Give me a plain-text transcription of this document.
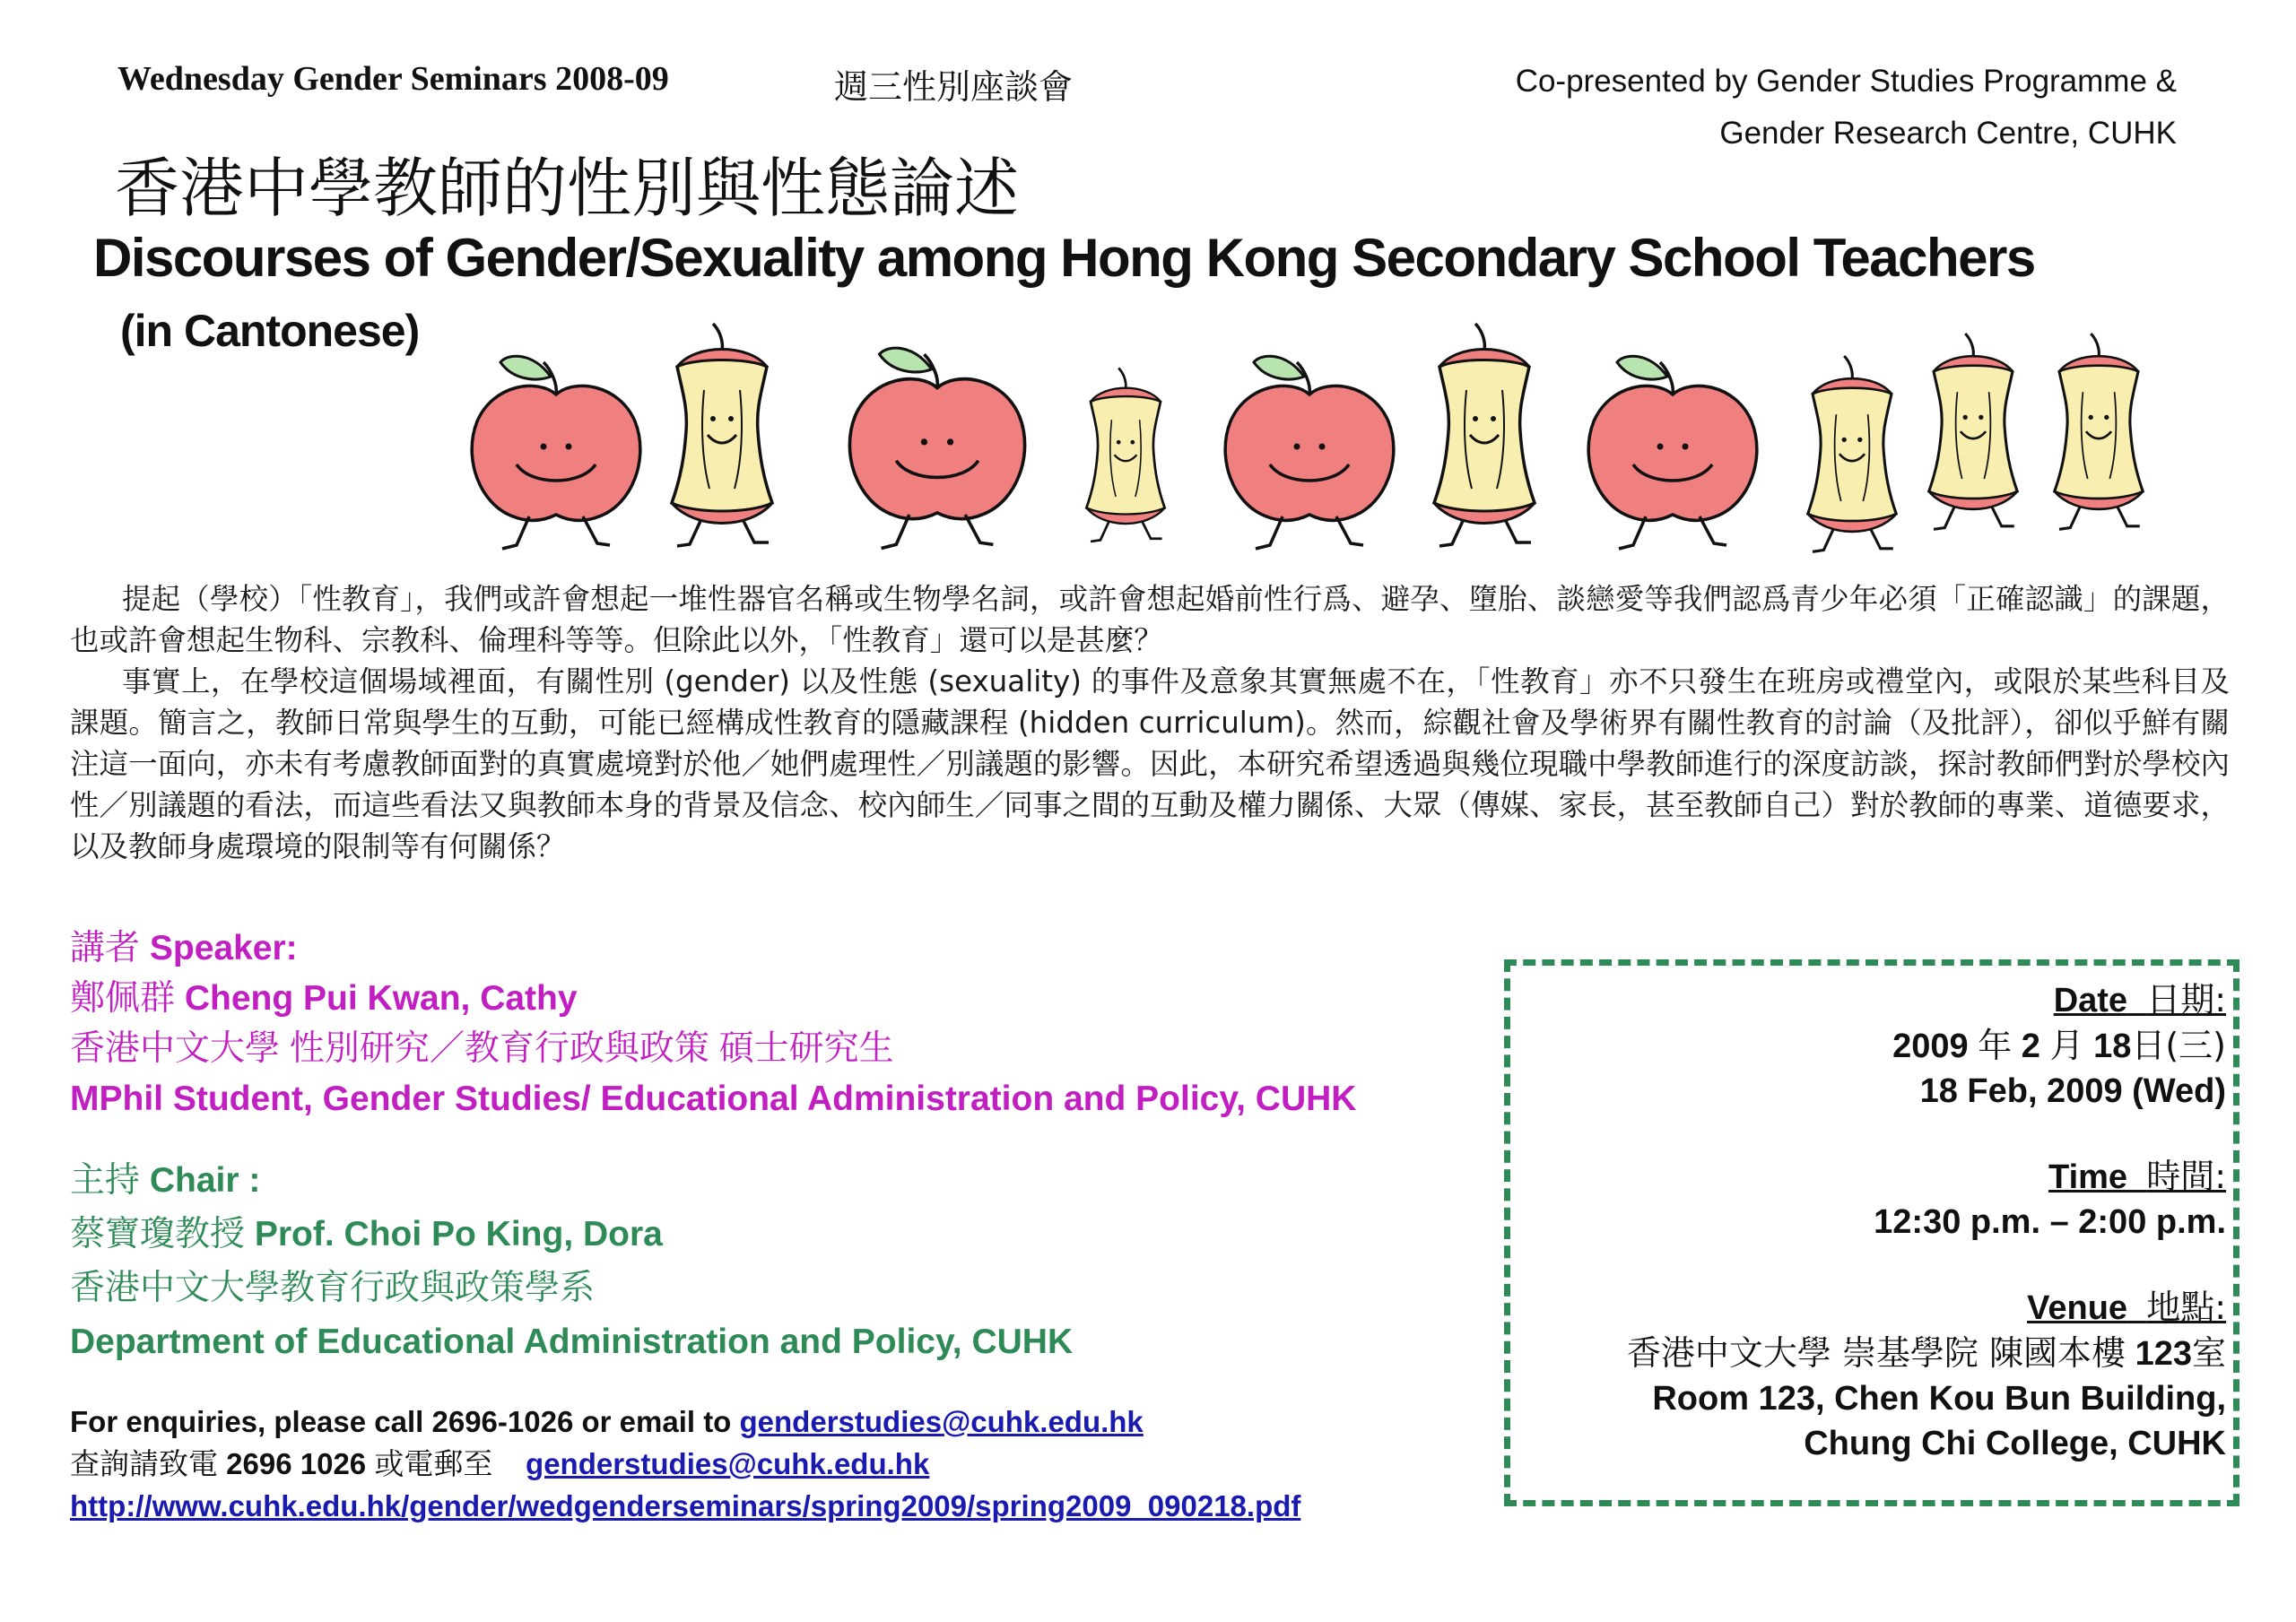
Wednesday Gender Seminars 2008-09	週三性別座談會	Co-presented by Gender Studies Programme &
Gender Research Centre, CUHK
香港中學教師的性別與性態論述
Discourses of Gender/Sexuality among Hong Kong Secondary School Teachers
(in Cantonese)

提起（學校）「性教育」，我們或許會想起一堆性器官名稱或生物學名詞，或許會想起婚前性行爲、避孕、墮胎、談戀愛等我們認爲青少年必須「正確認識」的課題，也或許會想起生物科、宗教科、倫理科等等。但除此以外，「性教育」還可以是甚麼？

事實上，在學校這個場域裡面，有關性別 (gender) 以及性態 (sexuality) 的事件及意象其實無處不在，「性教育」亦不只發生在班房或禮堂內，或限於某些科目及課題。簡言之，教師日常與學生的互動，可能已經構成性教育的隱藏課程 (hidden curriculum)。然而，綜觀社會及學術界有關性教育的討論（及批評），卻似乎鮮有關注這一面向，亦未有考慮教師面對的真實處境對於他／她們處理性／別議題的影響。因此，本研究希望透過與幾位現職中學教師進行的深度訪談，探討教師們對於學校內性／別議題的看法，而這些看法又與教師本身的背景及信念、校內師生／同事之間的互動及權力關係、大眾（傳媒、家長，甚至教師自己）對於教師的專業、道德要求，以及教師身處環境的限制等有何關係？

講者 Speaker:
鄭佩群 Cheng Pui Kwan, Cathy
香港中文大學 性別研究／教育行政與政策 碩士研究生
MPhil Student, Gender Studies/ Educational Administration and Policy, CUHK
主持 Chair :
蔡寶瓊教授 Prof. Choi Po King, Dora
香港中文大學教育行政與政策學系
Department of Educational Administration and Policy, CUHK
For enquiries, please call 2696-1026 or email to genderstudies@cuhk.edu.hk
查詢請致電 2696 1026 或電郵至 genderstudies@cuhk.edu.hk
http://www.cuhk.edu.hk/gender/wedgenderseminars/spring2009/spring2009_090218.pdf
Date 日期:
2009 年 2 月 18日(三)
18 Feb, 2009 (Wed)
Time 時間:
12:30 p.m. – 2:00 p.m.
Venue 地點:
香港中文大學 崇基學院 陳國本樓 123室
Room 123, Chen Kou Bun Building,
Chung Chi College, CUHK
